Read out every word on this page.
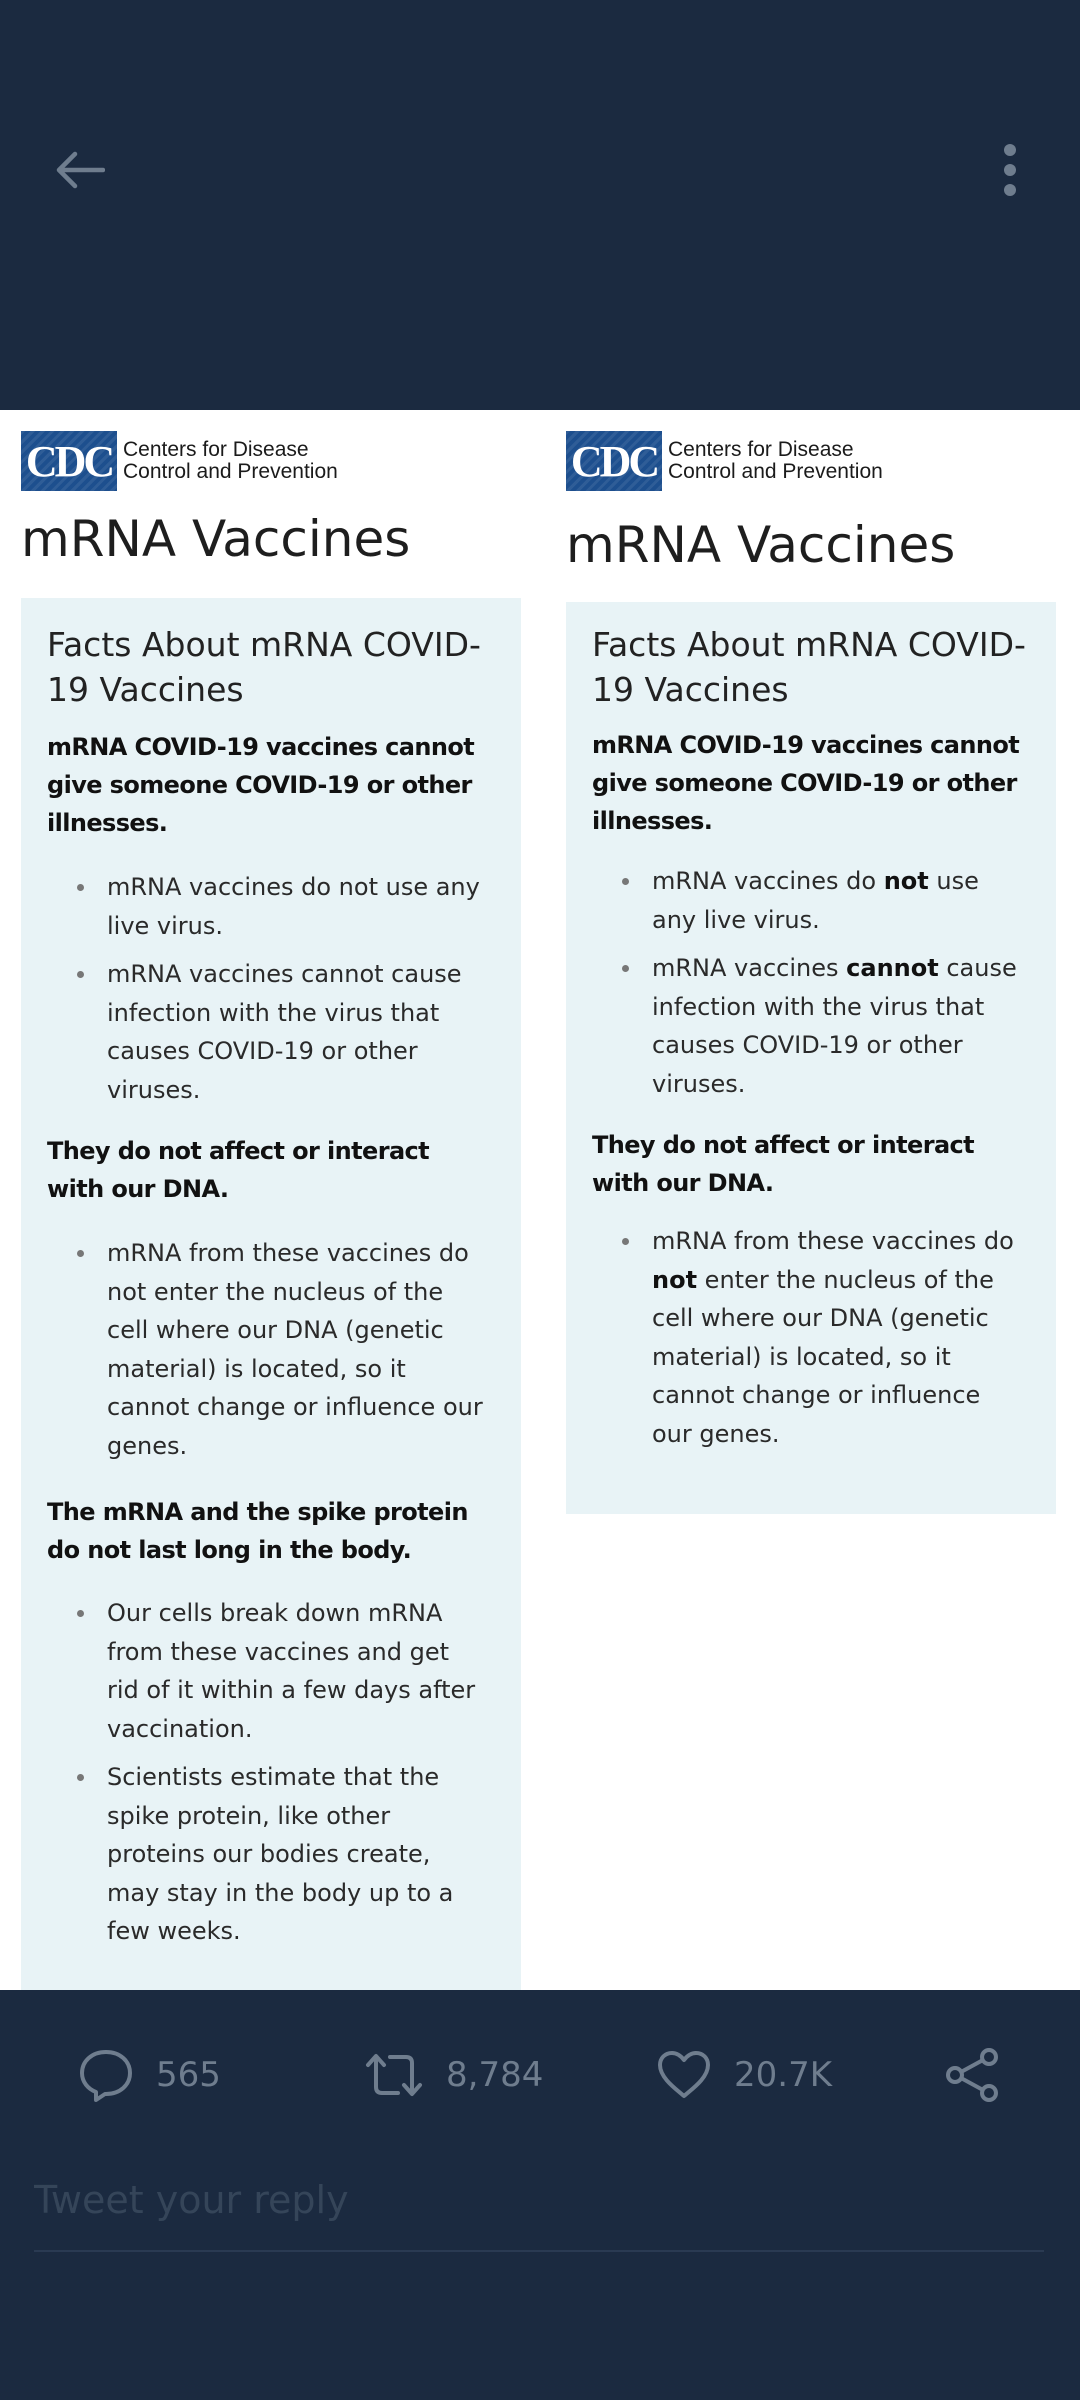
CDC Centers for Disease
Control and Prevention
mRNA Vaccines
Facts About mRNA COVID-19 Vaccines
mRNA COVID-19 vaccines cannot give someone COVID-19 or other illnesses.
mRNA vaccines do not use any live virus.
mRNA vaccines cannot cause infection with the virus that causes COVID-19 or other viruses.
They do not affect or interact with our DNA.
mRNA from these vaccines do not enter the nucleus of the cell where our DNA (genetic material) is located, so it cannot change or influence our genes.
The mRNA and the spike protein do not last long in the body.
Our cells break down mRNA from these vaccines and get rid of it within a few days after vaccination.
Scientists estimate that the spike protein, like other proteins our bodies create, may stay in the body up to a few weeks.
CDC Centers for Disease
Control and Prevention
mRNA Vaccines
Facts About mRNA COVID-19 Vaccines
mRNA COVID-19 vaccines cannot give someone COVID-19 or other illnesses.
mRNA vaccines do not use any live virus.
mRNA vaccines cannot cause infection with the virus that causes COVID-19 or other viruses.
They do not affect or interact with our DNA.
mRNA from these vaccines do not enter the nucleus of the cell where our DNA (genetic material) is located, so it cannot change or influence our genes.
565	8,784	20.7K
Tweet your reply
